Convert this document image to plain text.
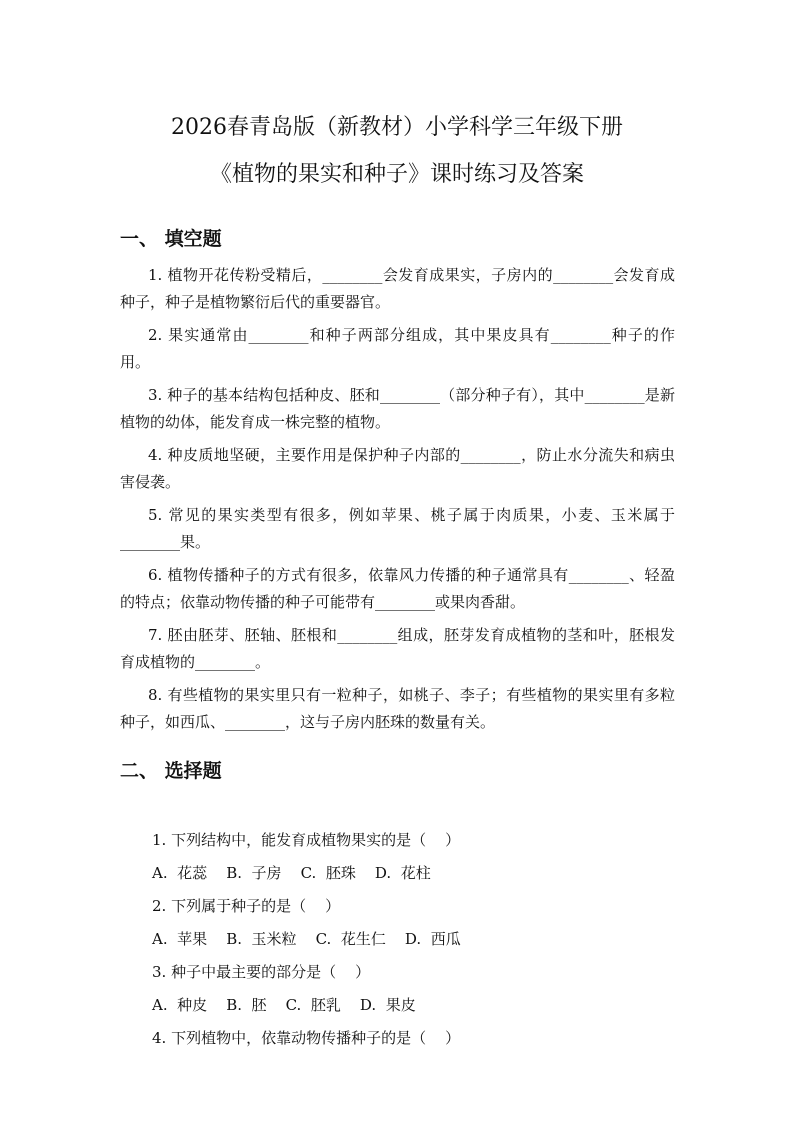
2026春青岛版（新教材）小学科学三年级下册
《植物的果实和种子》课时练习及答案
一、 填空题

1. 植物开花传粉受精后，________会发育成果实，子房内的________会发育成种子，种子是植物繁衍后代的重要器官。

2. 果实通常由________和种子两部分组成，其中果皮具有________种子的作用。

3. 种子的基本结构包括种皮、胚和________（部分种子有），其中________是新植物的幼体，能发育成一株完整的植物。

4. 种皮质地坚硬，主要作用是保护种子内部的________，防止水分流失和病虫害侵袭。

5. 常见的果实类型有很多，例如苹果、桃子属于肉质果，小麦、玉米属于________果。

6. 植物传播种子的方式有很多，依靠风力传播的种子通常具有________、轻盈的特点；依靠动物传播的种子可能带有________或果肉香甜。

7. 胚由胚芽、胚轴、胚根和________组成，胚芽发育成植物的茎和叶，胚根发育成植物的________。

8. 有些植物的果实里只有一粒种子，如桃子、李子；有些植物的果实里有多粒种子，如西瓜、________，这与子房内胚珠的数量有关。

二、 选择题
1. 下列结构中，能发育成植物果实的是（    ）
A.  花蕊    B.  子房    C.  胚珠    D.  花柱
2. 下列属于种子的是（    ）
A.  苹果    B.  玉米粒    C.  花生仁    D.  西瓜
3. 种子中最主要的部分是（    ）
A.  种皮    B.  胚    C.  胚乳    D.  果皮
4. 下列植物中，依靠动物传播种子的是（    ）
